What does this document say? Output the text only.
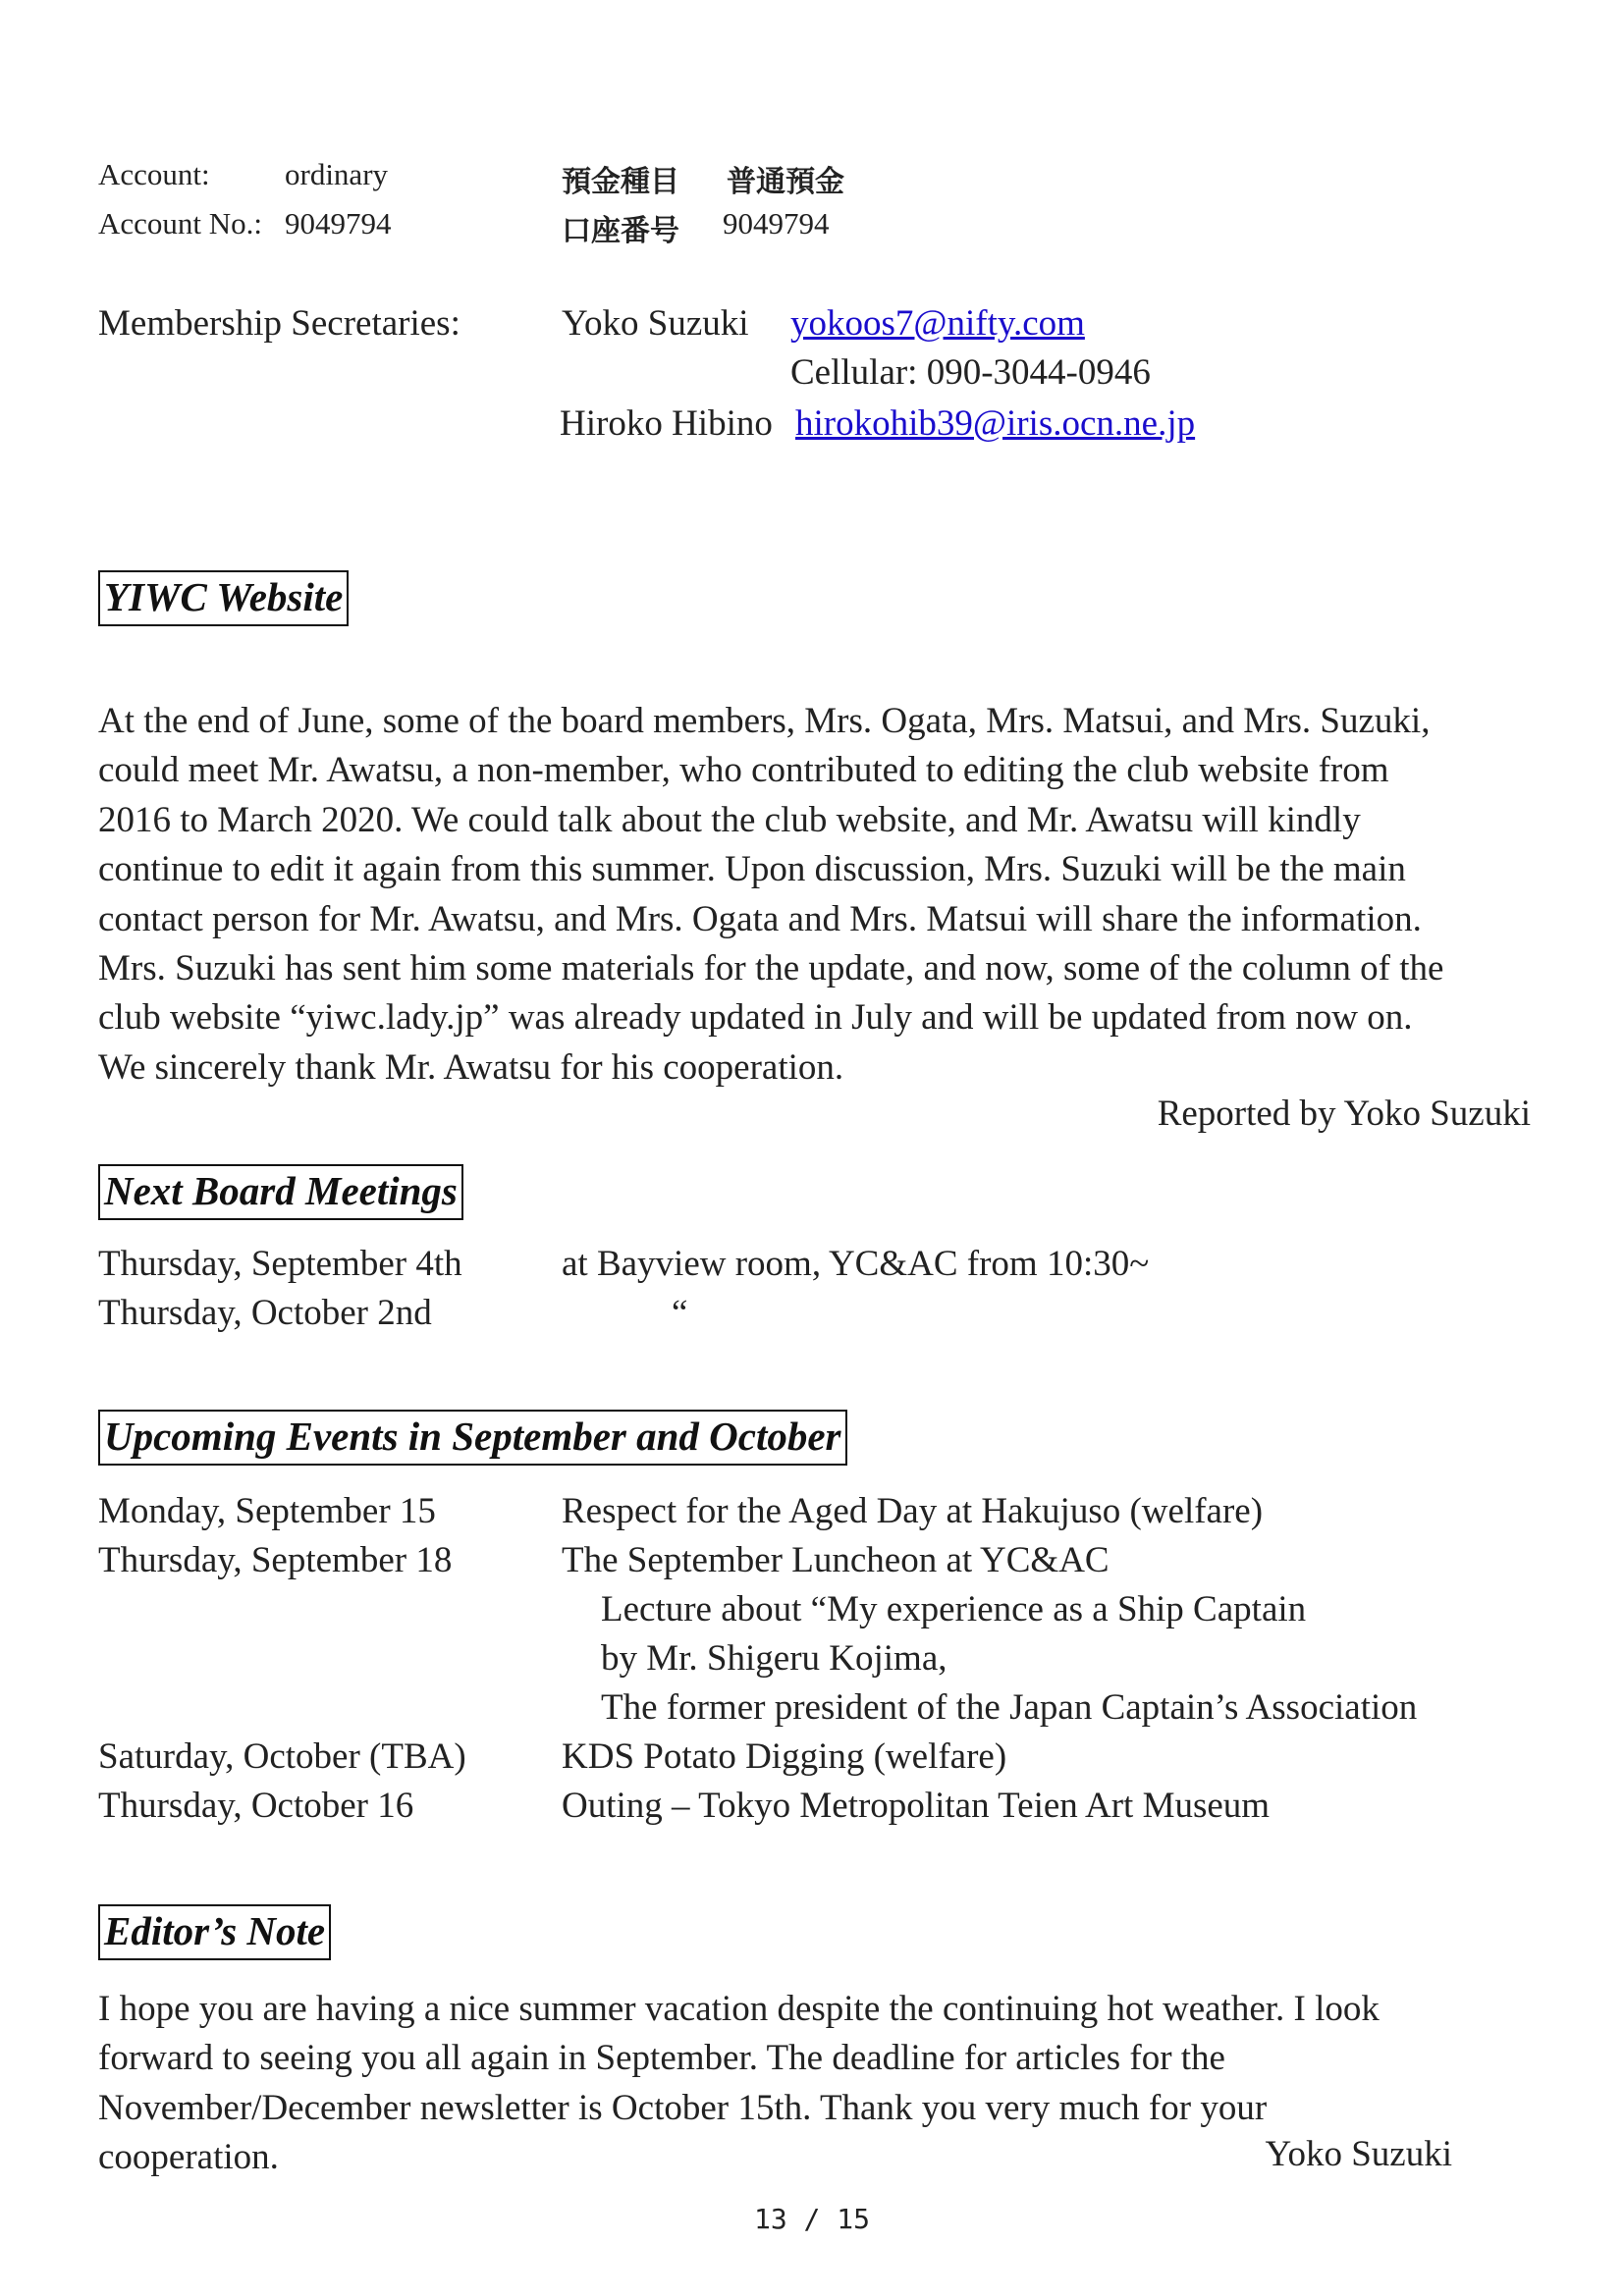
Account: ordinary
Account No.: 9049794
預金種目 普通預金
口座番号 9049794
Membership Secretaries:	Yoko Suzuki yokoos7@nifty.com
Cellular: 090-3044-0946
Hiroko Hibino hirokohib39@iris.ocn.ne.jp
YIWC Website

At the end of June, some of the board members, Mrs. Ogata, Mrs. Matsui, and Mrs. Suzuki,

could meet Mr. Awatsu, a non-member, who contributed to editing the club website from

2016 to March 2020. We could talk about the club website, and Mr. Awatsu will kindly

continue to edit it again from this summer. Upon discussion, Mrs. Suzuki will be the main

contact person for Mr. Awatsu, and Mrs. Ogata and Mrs. Matsui will share the information.

Mrs. Suzuki has sent him some materials for the update, and now, some of the column of the

club website “yiwc.lady.jp” was already updated in July and will be updated from now on.

We sincerely thank Mr. Awatsu for his cooperation.

Reported by Yoko Suzuki
Next Board Meetings
Thursday, September 4th	at Bayview room, YC&AC from 10:30~
Thursday, October 2nd	“
Upcoming Events in September and October
Monday, September 15	Respect for the Aged Day at Hakujuso (welfare)
Thursday, September 18	The September Luncheon at YC&AC
Lecture about “My experience as a Ship Captain
by Mr. Shigeru Kojima,
The former president of the Japan Captain’s Association
Saturday, October (TBA)	KDS Potato Digging (welfare)
Thursday, October 16	Outing – Tokyo Metropolitan Teien Art Museum
Editor’s Note

I hope you are having a nice summer vacation despite the continuing hot weather. I look

forward to seeing you all again in September. The deadline for articles for the

November/December newsletter is October 15th. Thank you very much for your

cooperation.	Yoko Suzuki
13 / 15
